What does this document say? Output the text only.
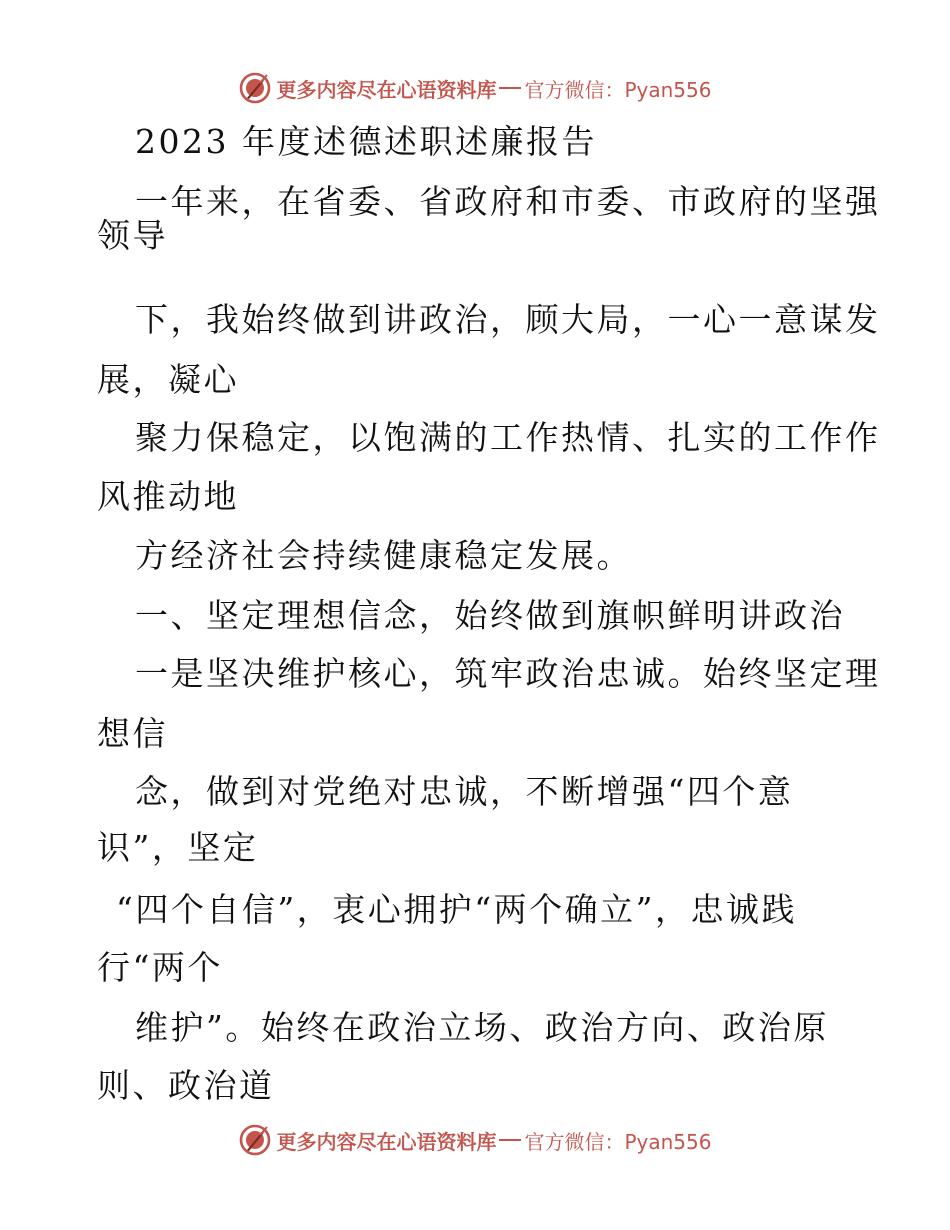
更多内容尽在心语资料库 官方微信：Pyan556
2023 年度述德述职述廉报告
一年来，在省委、省政府和市委、市政府的坚强
领导
下，我始终做到讲政治，顾大局，一心一意谋发
展，凝心
聚力保稳定，以饱满的工作热情、扎实的工作作
风推动地
方经济社会持续健康稳定发展。
一、坚定理想信念，始终做到旗帜鲜明讲政治
一是坚决维护核心，筑牢政治忠诚。始终坚定理
想信
念，做到对党绝对忠诚，不断增强“四个意
识”，坚定
“四个自信”，衷心拥护“两个确立”，忠诚践
行“两个
维护”。始终在政治立场、政治方向、政治原
则、政治道
更多内容尽在心语资料库 官方微信：Pyan556
